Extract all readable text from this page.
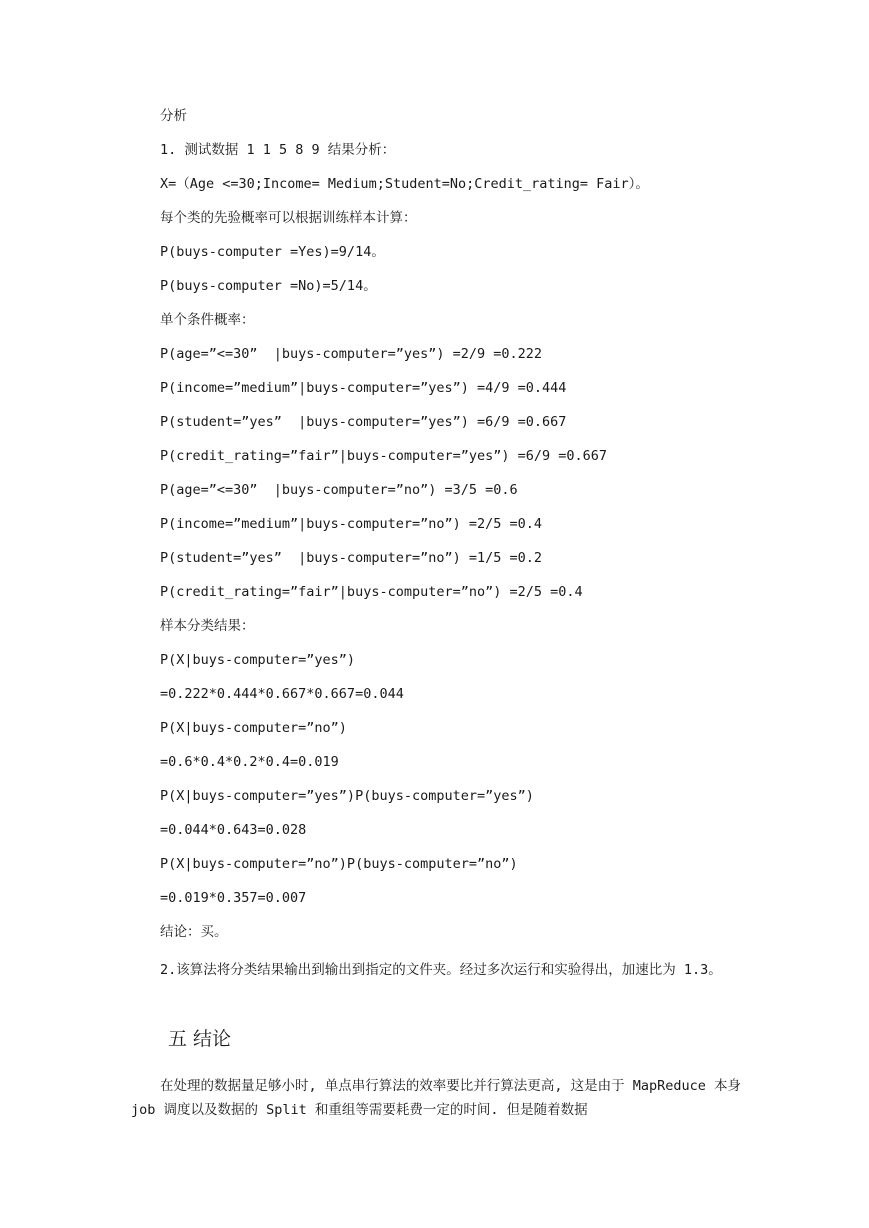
分析
1. 测试数据 1 1 5 8 9 结果分析：
X=（Age <=30;Income= Medium;Student=No;Credit_rating= Fair）。
每个类的先验概率可以根据训练样本计算：
P(buys-computer =Yes)=9/14。
P(buys-computer =No)=5/14。
单个条件概率：
P(age=”<=30”  |buys-computer=”yes”) =2/9 =0.222
P(income=”medium”|buys-computer=”yes”) =4/9 =0.444
P(student=”yes”  |buys-computer=”yes”) =6/9 =0.667
P(credit_rating=”fair”|buys-computer=”yes”) =6/9 =0.667
P(age=”<=30”  |buys-computer=”no”) =3/5 =0.6
P(income=”medium”|buys-computer=”no”) =2/5 =0.4
P(student=”yes”  |buys-computer=”no”) =1/5 =0.2
P(credit_rating=”fair”|buys-computer=”no”) =2/5 =0.4
样本分类结果：
P(X|buys-computer=”yes”)
=0.222*0.444*0.667*0.667=0.044
P(X|buys-computer=”no”)
=0.6*0.4*0.2*0.4=0.019
P(X|buys-computer=”yes”)P(buys-computer=”yes”)
=0.044*0.643=0.028
P(X|buys-computer=”no”)P(buys-computer=”no”)
=0.019*0.357=0.007
结论：买。
2.该算法将分类结果输出到输出到指定的文件夹。经过多次运行和实验得出，加速比为 1.3。
五 结论
在处理的数据量足够小时, 单点串行算法的效率要比并行算法更高, 这是由于 MapReduce 本身 job 调度以及数据的 Split 和重组等需要耗费一定的时间. 但是随着数据
